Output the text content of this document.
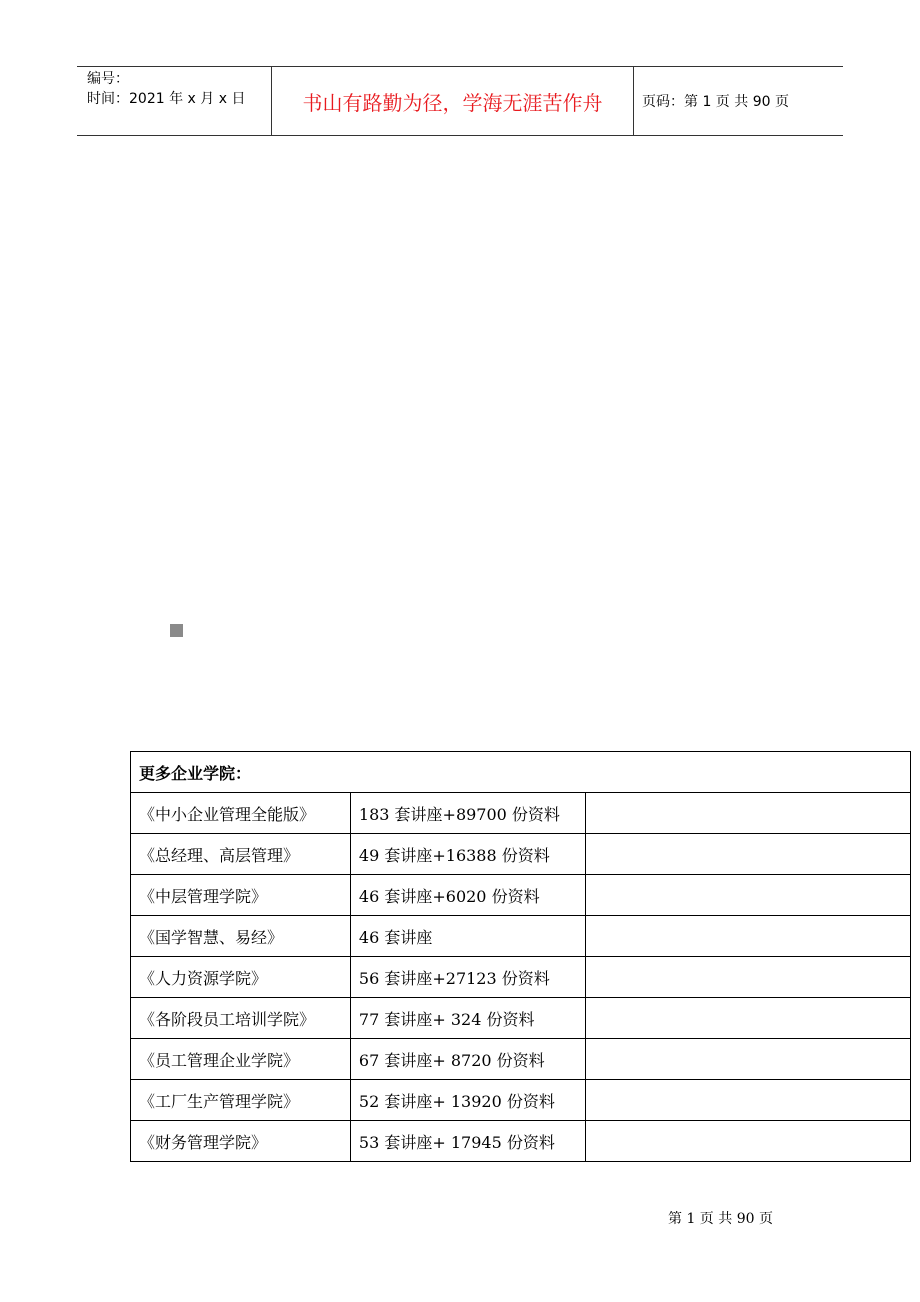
编号：
时间：2021 年 x 月 x 日	书山有路勤为径，学海无涯苦作舟	页码：第 1 页 共 90 页
更多企业学院：		
《中小企业管理全能版》	183 套讲座+89700 份资料	
《总经理、高层管理》	49 套讲座+16388 份资料	
《中层管理学院》	46 套讲座+6020 份资料	
《国学智慧、易经》	46 套讲座	
《人力资源学院》	56 套讲座+27123 份资料	
《各阶段员工培训学院》	77 套讲座+ 324 份资料	
《员工管理企业学院》	67 套讲座+ 8720 份资料	
《工厂生产管理学院》	52 套讲座+ 13920 份资料	
《财务管理学院》	53 套讲座+ 17945 份资料	
第 1 页 共 90 页
